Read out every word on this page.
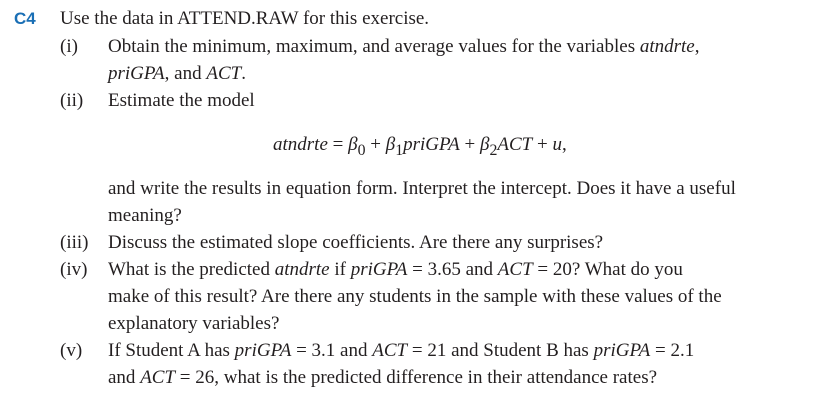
C4 Use the data in ATTEND.RAW for this exercise.
(i) Obtain the minimum, maximum, and average values for the variables atndrte,
priGPA, and ACT.
(ii) Estimate the model
atndrte = $\beta_0$ + $\beta_1priGPA + \beta_2ACT + u$,
and write the results in equation form. Interpret the intercept. Does it have a useful
meaning?
(iii) Discuss the estimated slope coefficients. Are there any surprises?
(iv) What is the predicted atndrte if priGPA = 3.65 and ACT = 20? What do you
make of this result? Are there any students in the sample with these values of the
explanatory variables?
(v) If Student A has priGPA = 3.1 and ACT = 21 and Student B has priGPA = 2.1
and ACT = 26, what is the predicted difference in their attendance rates?
